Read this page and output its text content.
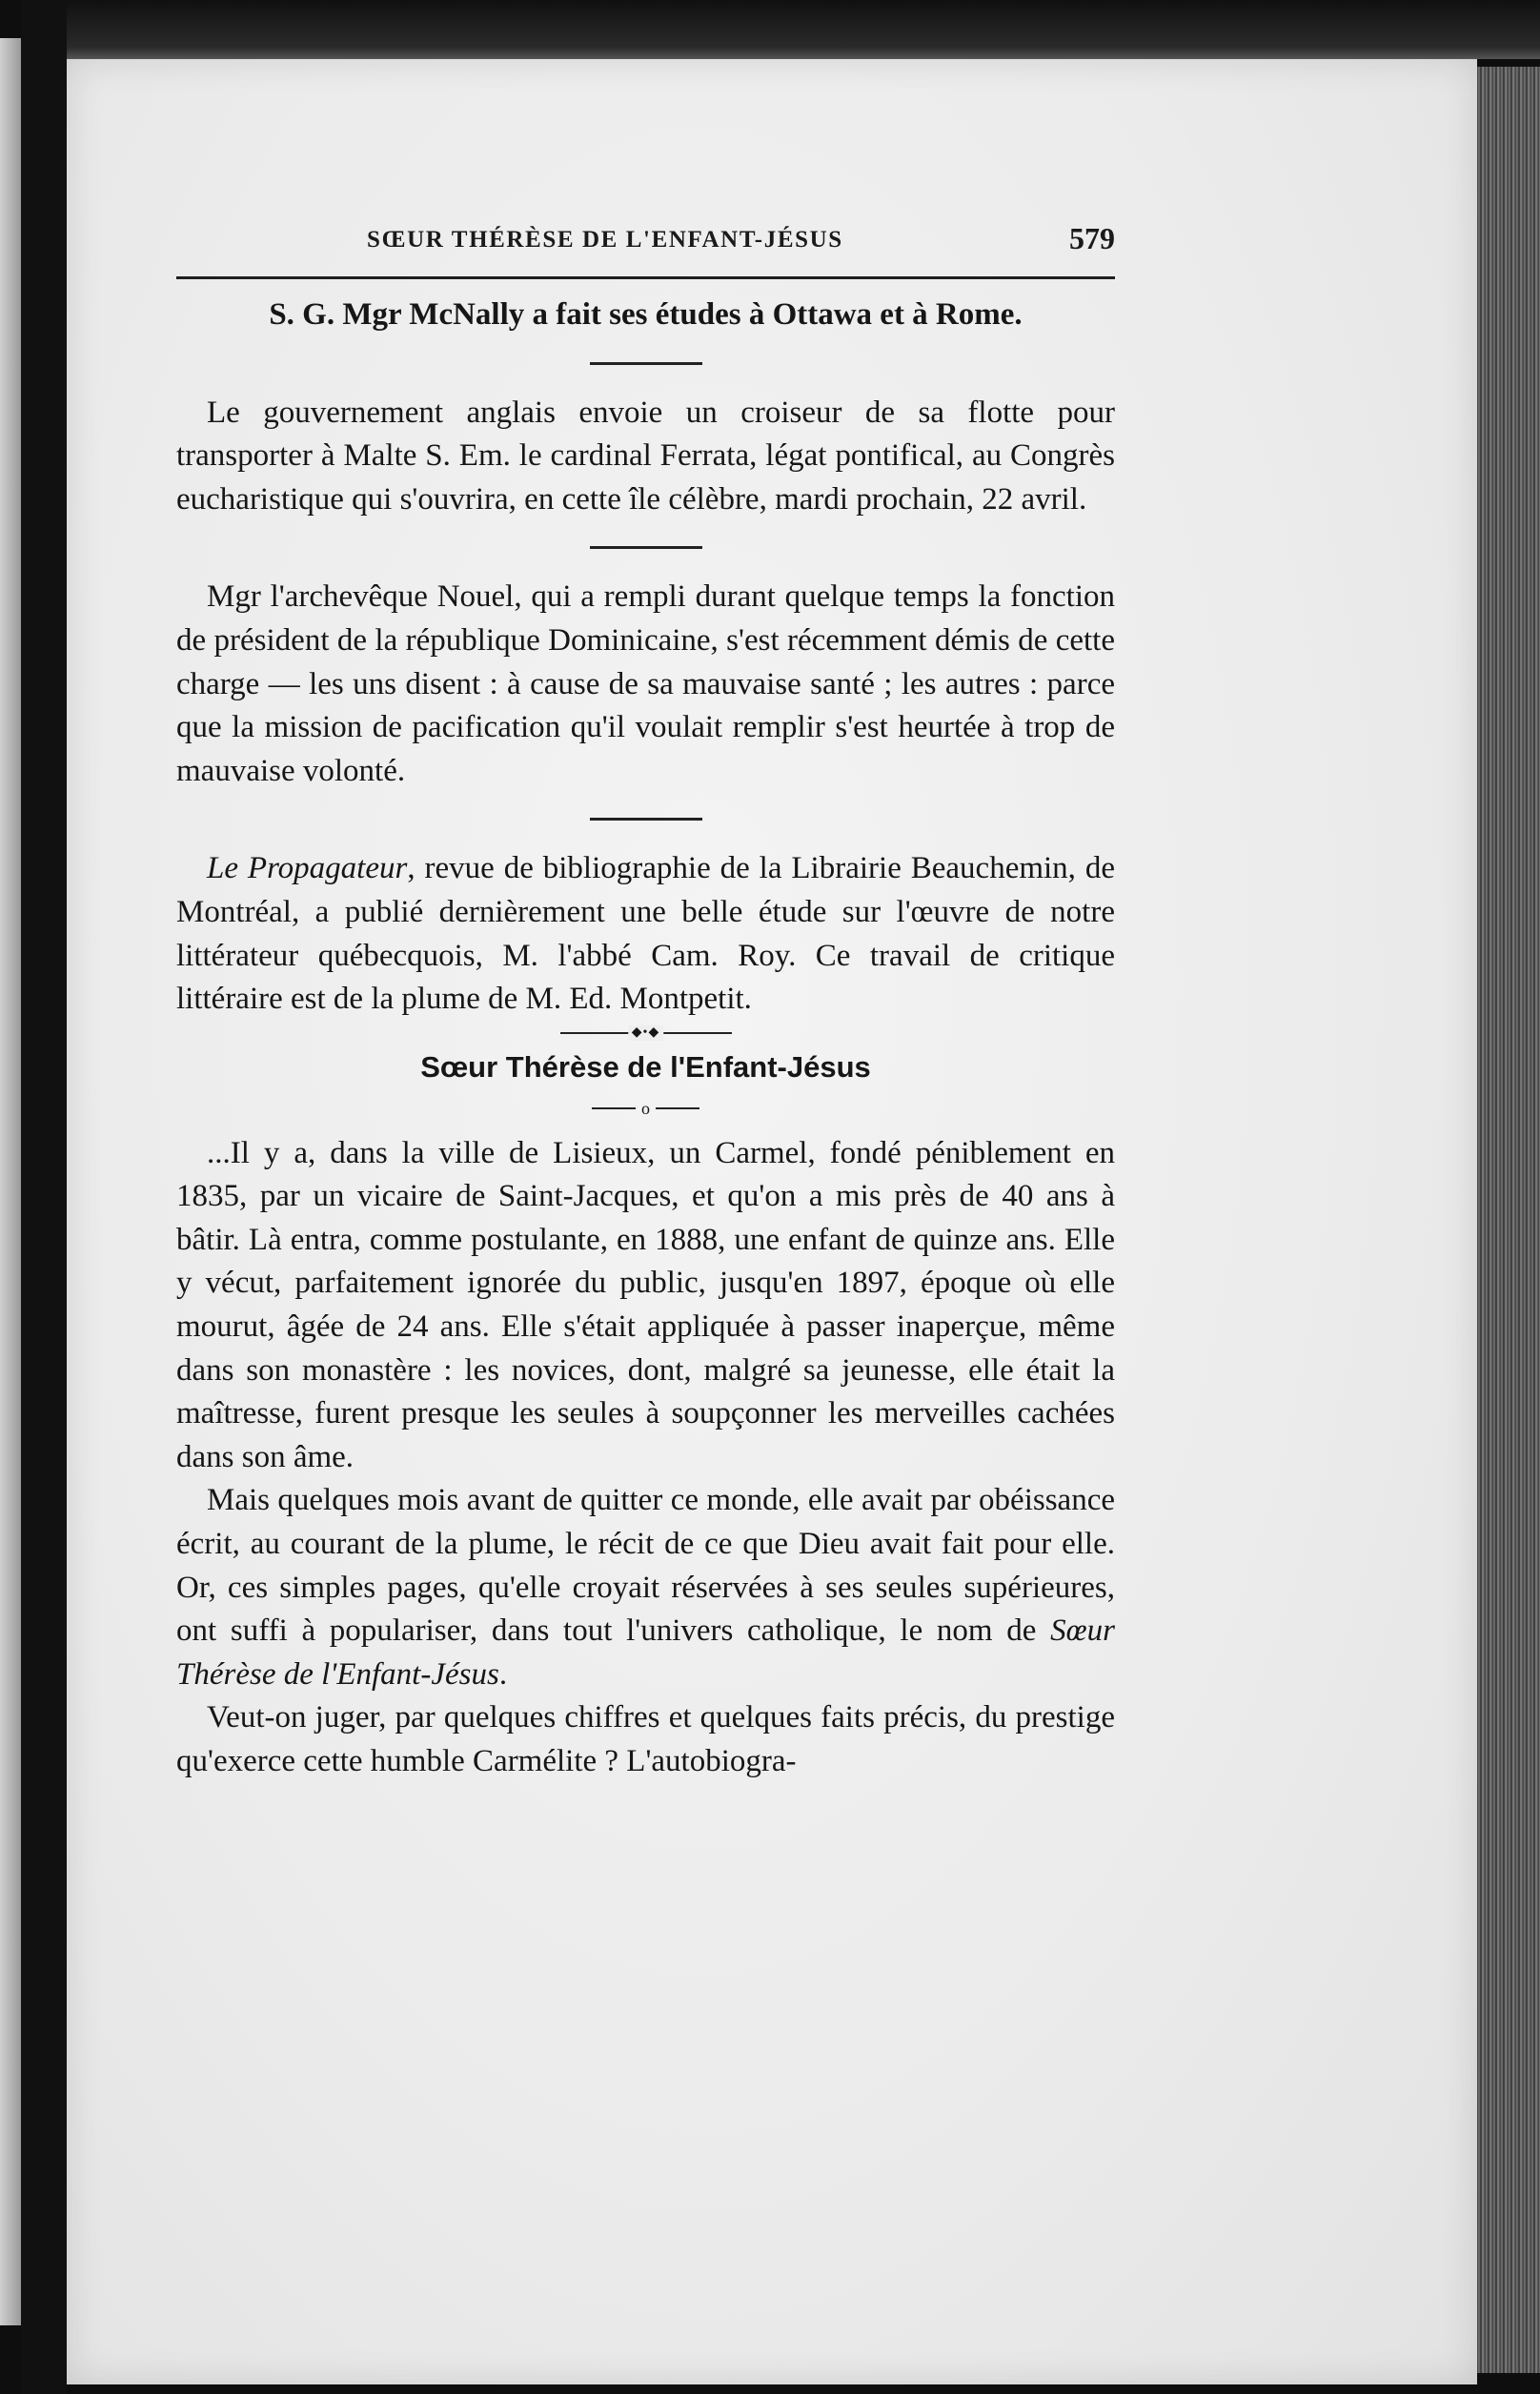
SŒUR THÉRÈSE DE L'ENFANT-JÉSUS	579

S. G. Mgr McNally a fait ses études à Ottawa et à Rome.

Le gouvernement anglais envoie un croiseur de sa flotte pour transporter à Malte S. Em. le cardinal Ferrata, légat pontifical, au Congrès eucharistique qui s'ouvrira, en cette île célèbre, mardi prochain, 22 avril.

Mgr l'archevêque Nouel, qui a rempli durant quelque temps la fonction de président de la république Dominicaine, s'est récemment démis de cette charge — les uns disent : à cause de sa mauvaise santé ; les autres : parce que la mission de pacification qu'il voulait remplir s'est heurtée à trop de mauvaise volonté.

Le Propagateur, revue de bibliographie de la Librairie Beauchemin, de Montréal, a publié dernièrement une belle étude sur l'œuvre de notre littérateur québecquois, M. l'abbé Cam. Roy. Ce travail de critique littéraire est de la plume de M. Ed. Montpetit.

◆•◆
Sœur Thérèse de l'Enfant-Jésus
o

...Il y a, dans la ville de Lisieux, un Carmel, fondé péniblement en 1835, par un vicaire de Saint-Jacques, et qu'on a mis près de 40 ans à bâtir. Là entra, comme postulante, en 1888, une enfant de quinze ans. Elle y vécut, parfaitement ignorée du public, jusqu'en 1897, époque où elle mourut, âgée de 24 ans. Elle s'était appliquée à passer inaperçue, même dans son monastère : les novices, dont, malgré sa jeunesse, elle était la maîtresse, furent presque les seules à soupçonner les merveilles cachées dans son âme.

Mais quelques mois avant de quitter ce monde, elle avait par obéissance écrit, au courant de la plume, le récit de ce que Dieu avait fait pour elle. Or, ces simples pages, qu'elle croyait réservées à ses seules supérieures, ont suffi à populariser, dans tout l'univers catholique, le nom de Sœur Thérèse de l'Enfant-Jésus.

Veut-on juger, par quelques chiffres et quelques faits précis, du prestige qu'exerce cette humble Carmélite ? L'autobiogra-
